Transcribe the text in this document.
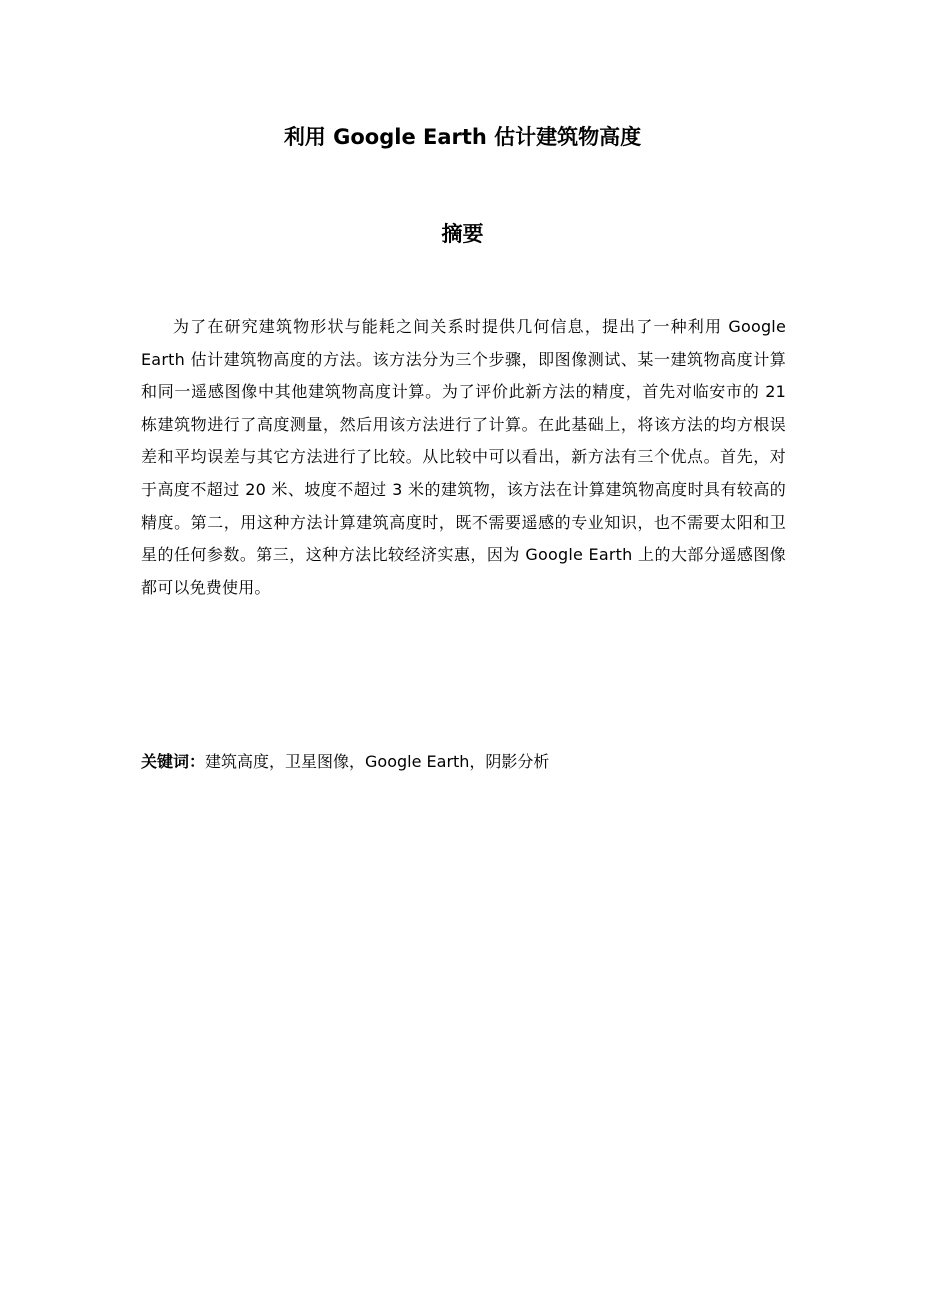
利用 Google Earth 估计建筑物高度
摘要

为了在研究建筑物形状与能耗之间关系时提供几何信息，提出了一种利用 Google Earth 估计建筑物高度的方法。该方法分为三个步骤，即图像测试、某一建筑物高度计算和同一遥感图像中其他建筑物高度计算。为了评价此新方法的精度，首先对临安市的 21 栋建筑物进行了高度测量，然后用该方法进行了计算。在此基础上，将该方法的均方根误差和平均误差与其它方法进行了比较。从比较中可以看出，新方法有三个优点。首先，对于高度不超过 20 米、坡度不超过 3 米的建筑物，该方法在计算建筑物高度时具有较高的精度。第二，用这种方法计算建筑高度时，既不需要遥感的专业知识，也不需要太阳和卫星的任何参数。第三，这种方法比较经济实惠，因为 Google Earth 上的大部分遥感图像都可以免费使用。

关键词：建筑高度，卫星图像，Google Earth，阴影分析
